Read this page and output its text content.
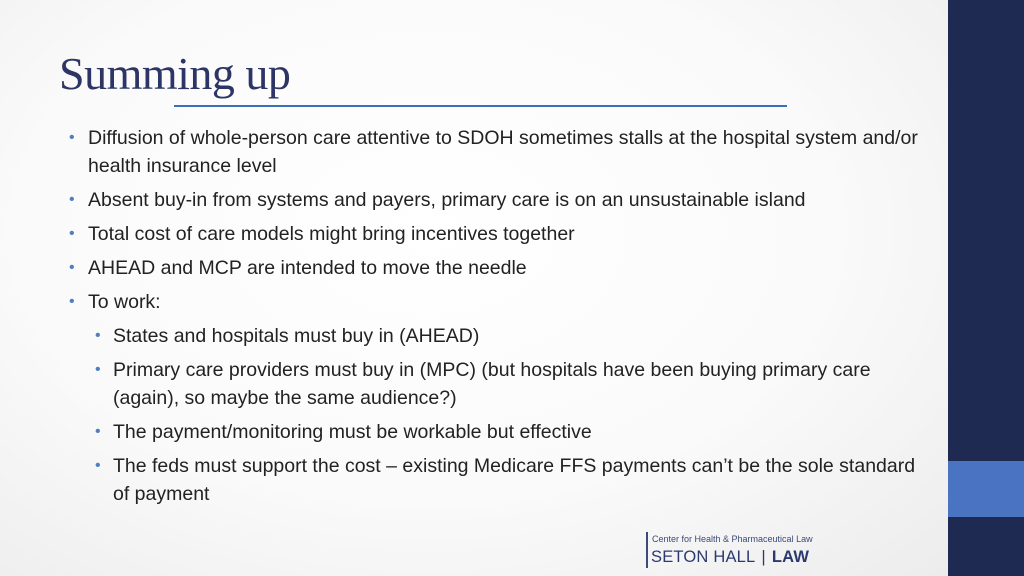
Summing up
• Diffusion of whole-person care attentive to SDOH sometimes stalls at the hospital system and/or health insurance level
• Absent buy-in from systems and payers, primary care is on an unsustainable island
• Total cost of care models might bring incentives together
• AHEAD and MCP are intended to move the needle
• To work:
• States and hospitals must buy in (AHEAD)
• Primary care providers must buy in (MPC) (but hospitals have been buying primary care (again), so maybe the same audience?)
• The payment/monitoring must be workable but effective
• The feds must support the cost – existing Medicare FFS payments can’t be the sole standard of payment
Center for Health & Pharmaceutical Law
SETON HALL | LAW
